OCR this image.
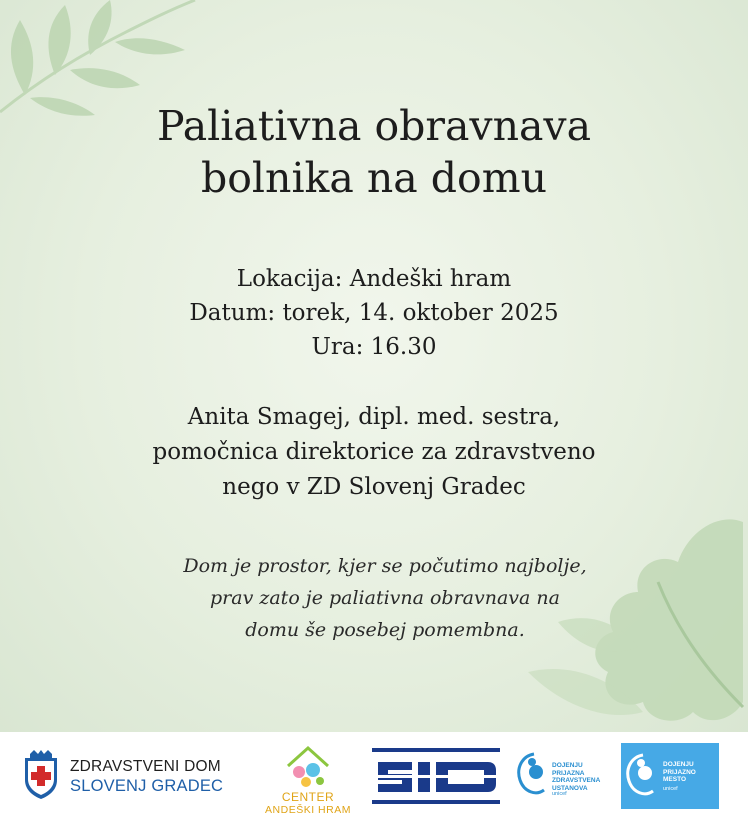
Paliativna obravnava
bolnika na domu
Lokacija: Andeški hram
Datum: torek, 14. oktober 2025
Ura: 16.30
Anita Smagej, dipl. med. sestra,
pomočnica direktorice za zdravstveno
nego v ZD Slovenj Gradec
Dom je prostor, kjer se počutimo najbolje,
prav zato je paliativna obravnava na
domu še posebej pomembna.
ZDRAVSTVENI DOM
SLOVENJ GRADEC
CENTER
ANDEŠKI HRAM
DOJENJU
PRIJAZNA
ZDRAVSTVENA
USTANOVA
unicef
DOJENJU
PRIJAZNO
MESTO
unicef
